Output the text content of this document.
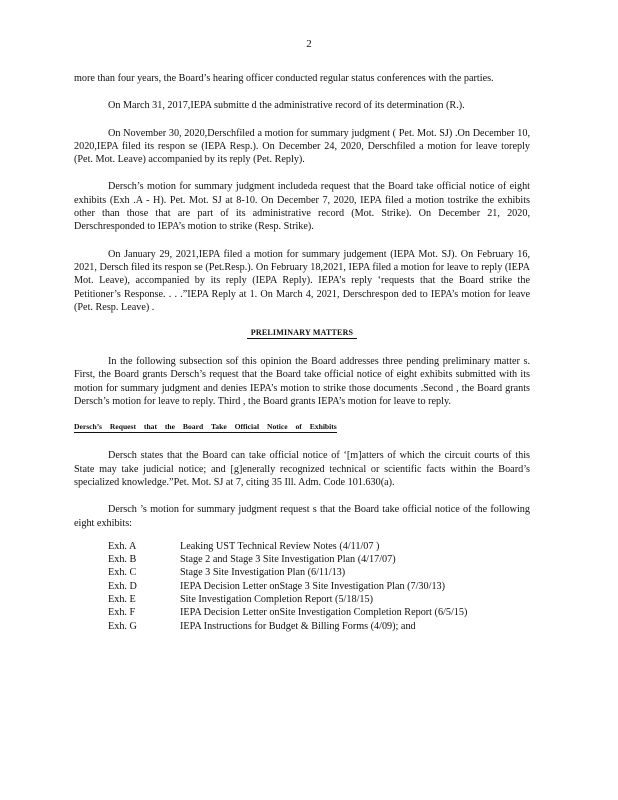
2

more than four years, the Board’s hearing officer conducted regular status conferences with the parties.

On March 31, 2017,IEPA submitte d the administrative record of its determination (R.).

On November 30, 2020,Derschfiled a motion for summary judgment ( Pet. Mot. SJ) .On December 10, 2020,IEPA filed its respon se (IEPA Resp.). On December 24, 2020, Derschfiled a motion for leave toreply (Pet. Mot. Leave) accompanied by its reply (Pet. Reply).

Dersch’s motion for summary judgment includeda request that the Board take official notice of eight exhibits (Exh .A - H). Pet. Mot. SJ at 8-10. On December 7, 2020, IEPA filed a motion tostrike the exhibits other than those that are part of its administrative record (Mot. Strike). On December 21, 2020, Derschresponded to IEPA’s motion to strike (Resp. Strike).

On January 29, 2021,IEPA filed a motion for summary judgement (IEPA Mot. SJ). On February 16, 2021, Dersch filed its respon se (Pet.Resp.). On February 18,2021, IEPA filed a motion for leave to reply (IEPA Mot. Leave), accompanied by its reply (IEPA Reply). IEPA’s reply ‘requests that the Board strike the Petitioner’s Response. . . .”IEPA Reply at 1. On March 4, 2021, Derschrespon ded to IEPA’s motion for leave (Pet. Resp. Leave) .

PRELIMINARY MATTERS

In the following subsection sof this opinion the Board addresses three pending preliminary matter s. First, the Board grants Dersch’s request that the Board take official notice of eight exhibits submitted with its motion for summary judgment and denies IEPA’s motion to strike those documents .Second , the Board grants Dersch’s motion for leave to reply. Third , the Board grants IEPA’s motion for leave to reply.

Dersch’s Request that the Board Take Official Notice of Exhibits

Dersch states that the Board can take official notice of ‘[m]atters of which the circuit courts of this State may take judicial notice; and [g]enerally recognized technical or scientific facts within the Board’s specialized knowledge.”Pet. Mot. SJ at 7, citing 35 Ill. Adm. Code 101.630(a).

Dersch ’s motion for summary judgment request s that the Board take official notice of the following eight exhibits:

Exh. A	Leaking UST Technical Review Notes (4/11/07 )
Exh. B	Stage 2 and Stage 3 Site Investigation Plan (4/17/07)
Exh. C	Stage 3 Site Investigation Plan (6/11/13)
Exh. D	IEPA Decision Letter onStage 3 Site Investigation Plan (7/30/13)
Exh. E	Site Investigation Completion Report (5/18/15)
Exh. F	IEPA Decision Letter onSite Investigation Completion Report (6/5/15)
Exh. G	IEPA Instructions for Budget & Billing Forms (4/09); and
